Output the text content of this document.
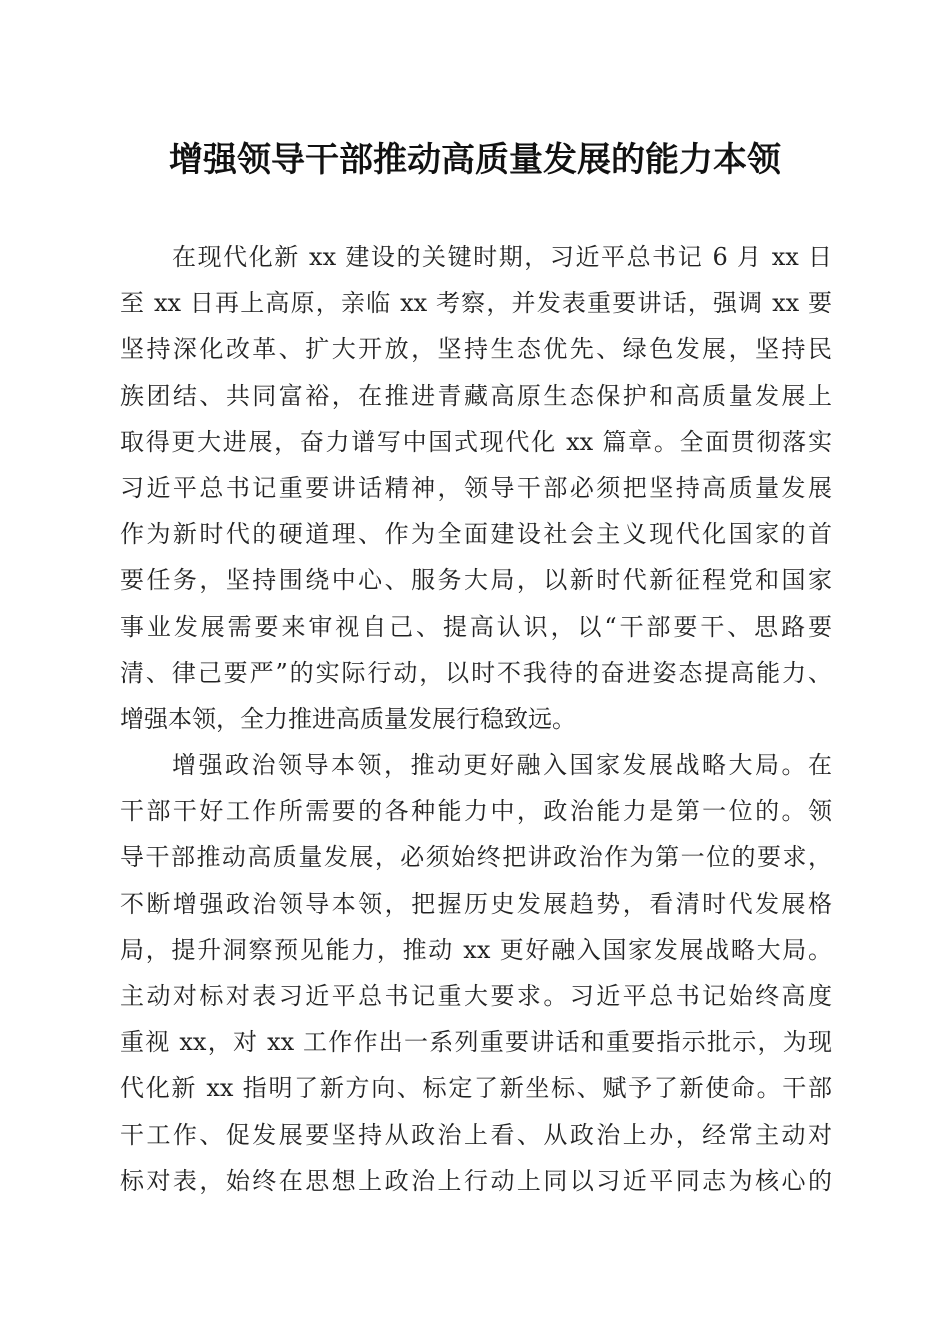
增强领导干部推动高质量发展的能力本领
在现代化新 xx 建设的关键时期，习近平总书记 6 月 xx 日
至 xx 日再上高原，亲临 xx 考察，并发表重要讲话，强调 xx 要
坚持深化改革、扩大开放，坚持生态优先、绿色发展，坚持民
族团结、共同富裕，在推进青藏高原生态保护和高质量发展上
取得更大进展，奋力谱写中国式现代化 xx 篇章。全面贯彻落实
习近平总书记重要讲话精神，领导干部必须把坚持高质量发展
作为新时代的硬道理、作为全面建设社会主义现代化国家的首
要任务，坚持围绕中心、服务大局，以新时代新征程党和国家
事业发展需要来审视自己、提高认识，以“干部要干、思路要
清、律己要严”的实际行动，以时不我待的奋进姿态提高能力、
增强本领，全力推进高质量发展行稳致远。
增强政治领导本领，推动更好融入国家发展战略大局。在
干部干好工作所需要的各种能力中，政治能力是第一位的。领
导干部推动高质量发展，必须始终把讲政治作为第一位的要求，
不断增强政治领导本领，把握历史发展趋势，看清时代发展格
局，提升洞察预见能力，推动 xx 更好融入国家发展战略大局。
主动对标对表习近平总书记重大要求。习近平总书记始终高度
重视 xx，对 xx 工作作出一系列重要讲话和重要指示批示，为现
代化新 xx 指明了新方向、标定了新坐标、赋予了新使命。干部
干工作、促发展要坚持从政治上看、从政治上办，经常主动对
标对表，始终在思想上政治上行动上同以习近平同志为核心的
